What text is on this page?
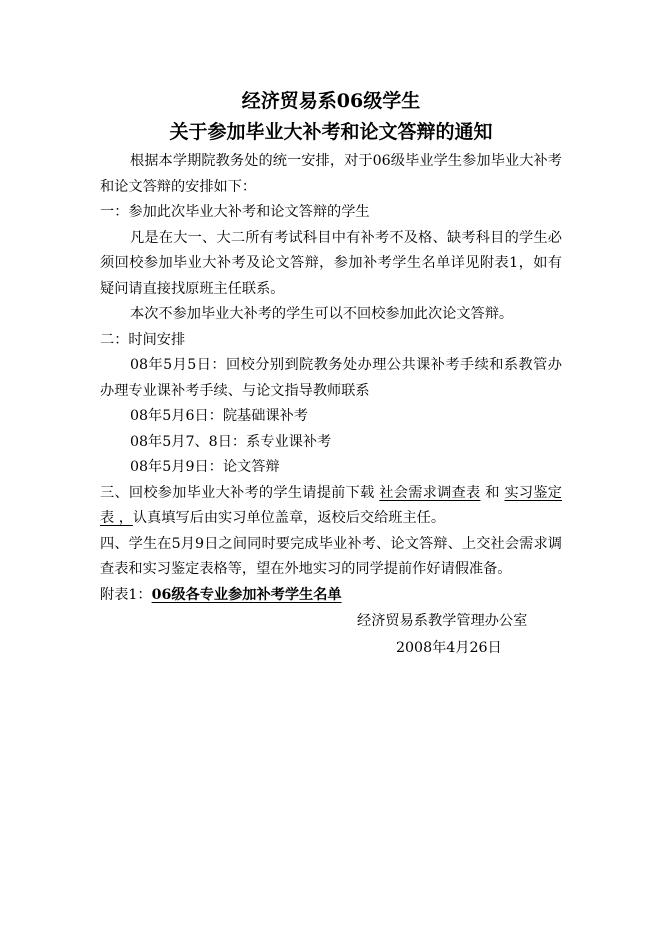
经济贸易系06级学生

关于参加毕业大补考和论文答辩的通知

根据本学期院教务处的统一安排，对于06级毕业学生参加毕业大补考和论文答辩的安排如下：

一：参加此次毕业大补考和论文答辩的学生

凡是在大一、大二所有考试科目中有补考不及格、缺考科目的学生必须回校参加毕业大补考及论文答辩，参加补考学生名单详见附表1，如有疑问请直接找原班主任联系。

本次不参加毕业大补考的学生可以不回校参加此次论文答辩。

二：时间安排

08年5月5日：回校分别到院教务处办理公共课补考手续和系教管办办理专业课补考手续、与论文指导教师联系

08年5月6日：院基础课补考

08年5月7、8日：系专业课补考

08年5月9日：论文答辩

三、回校参加毕业大补考的学生请提前下载 社会需求调查表 和 实习鉴定表 ，认真填写后由实习单位盖章，返校后交给班主任。

四、学生在5月9日之间同时要完成毕业补考、论文答辩、上交社会需求调查表和实习鉴定表格等，望在外地实习的同学提前作好请假准备。

附表1：06级各专业参加补考学生名单

经济贸易系教学管理办公室

2008年4月26日
